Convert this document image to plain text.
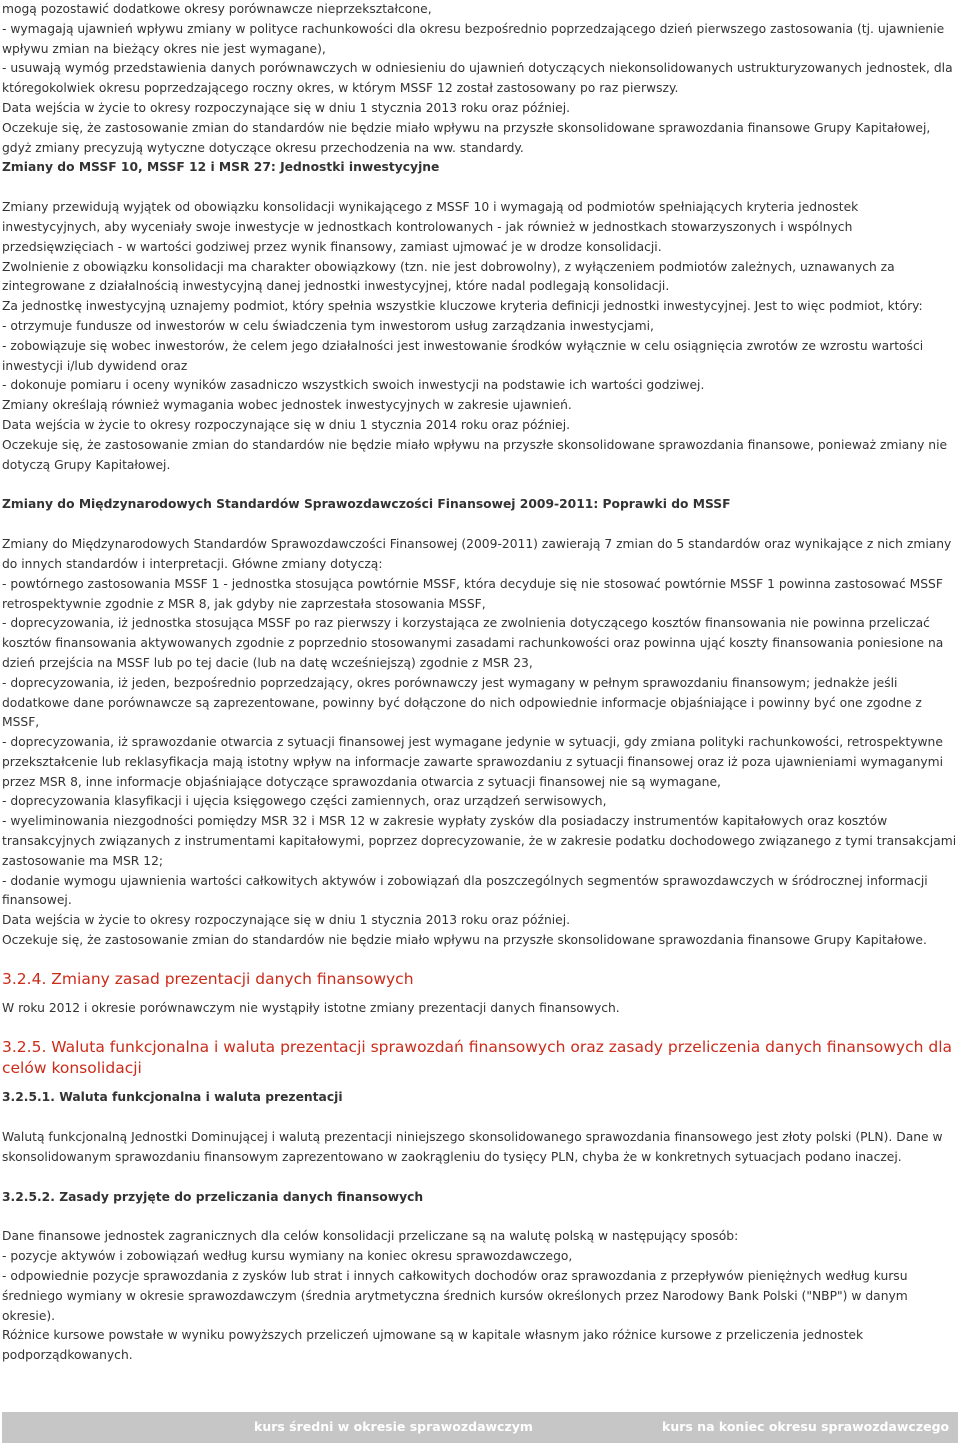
mogą pozostawić dodatkowe okresy porównawcze nieprzekształcone,

- wymagają ujawnień wpływu zmiany w polityce rachunkowości dla okresu bezpośrednio poprzedzającego dzień pierwszego zastosowania (tj. ujawnienie wpływu zmian na bieżący okres nie jest wymagane),

- usuwają wymóg przedstawienia danych porównawczych w odniesieniu do ujawnień dotyczących niekonsolidowanych ustrukturyzowanych jednostek, dla któregokolwiek okresu poprzedzającego roczny okres, w którym MSSF 12 został zastosowany po raz pierwszy.

Data wejścia w życie to okresy rozpoczynające się w dniu 1 stycznia 2013 roku oraz później.

Oczekuje się, że zastosowanie zmian do standardów nie będzie miało wpływu na przyszłe skonsolidowane sprawozdania finansowe Grupy Kapitałowej, gdyż zmiany precyzują wytyczne dotyczące okresu przechodzenia na ww. standardy.

Zmiany do MSSF 10, MSSF 12 i MSR 27: Jednostki inwestycyjne

Zmiany przewidują wyjątek od obowiązku konsolidacji wynikającego z MSSF 10 i wymagają od podmiotów spełniających kryteria jednostek inwestycyjnych, aby wyceniały swoje inwestycje w jednostkach kontrolowanych - jak również w jednostkach stowarzyszonych i wspólnych przedsięwzięciach - w wartości godziwej przez wynik finansowy, zamiast ujmować je w drodze konsolidacji.

Zwolnienie z obowiązku konsolidacji ma charakter obowiązkowy (tzn. nie jest dobrowolny), z wyłączeniem podmiotów zależnych, uznawanych za zintegrowane z działalnością inwestycyjną danej jednostki inwestycyjnej, które nadal podlegają konsolidacji.

Za jednostkę inwestycyjną uznajemy podmiot, który spełnia wszystkie kluczowe kryteria definicji jednostki inwestycyjnej. Jest to więc podmiot, który:

- otrzymuje fundusze od inwestorów w celu świadczenia tym inwestorom usług zarządzania inwestycjami,

- zobowiązuje się wobec inwestorów, że celem jego działalności jest inwestowanie środków wyłącznie w celu osiągnięcia zwrotów ze wzrostu wartości inwestycji i/lub dywidend oraz

- dokonuje pomiaru i oceny wyników zasadniczo wszystkich swoich inwestycji na podstawie ich wartości godziwej.

Zmiany określają również wymagania wobec jednostek inwestycyjnych w zakresie ujawnień.

Data wejścia w życie to okresy rozpoczynające się w dniu 1 stycznia 2014 roku oraz później.

Oczekuje się, że zastosowanie zmian do standardów nie będzie miało wpływu na przyszłe skonsolidowane sprawozdania finansowe, ponieważ zmiany nie dotyczą Grupy Kapitałowej.

Zmiany do Międzynarodowych Standardów Sprawozdawczości Finansowej 2009-2011: Poprawki do MSSF

Zmiany do Międzynarodowych Standardów Sprawozdawczości Finansowej (2009-2011) zawierają 7 zmian do 5 standardów oraz wynikające z nich zmiany do innych standardów i interpretacji. Główne zmiany dotyczą:

- powtórnego zastosowania MSSF 1 - jednostka stosująca powtórnie MSSF, która decyduje się nie stosować powtórnie MSSF 1 powinna zastosować MSSF retrospektywnie zgodnie z MSR 8, jak gdyby nie zaprzestała stosowania MSSF,

- doprecyzowania, iż jednostka stosująca MSSF po raz pierwszy i korzystająca ze zwolnienia dotyczącego kosztów finansowania nie powinna przeliczać kosztów finansowania aktywowanych zgodnie z poprzednio stosowanymi zasadami rachunkowości oraz powinna ująć koszty finansowania poniesione na dzień przejścia na MSSF lub po tej dacie (lub na datę wcześniejszą) zgodnie z MSR 23,

- doprecyzowania, iż jeden, bezpośrednio poprzedzający, okres porównawczy jest wymagany w pełnym sprawozdaniu finansowym; jednakże jeśli dodatkowe dane porównawcze są zaprezentowane, powinny być dołączone do nich odpowiednie informacje objaśniające i powinny być one zgodne z MSSF,

- doprecyzowania, iż sprawozdanie otwarcia z sytuacji finansowej jest wymagane jedynie w sytuacji, gdy zmiana polityki rachunkowości, retrospektywne przekształcenie lub reklasyfikacja mają istotny wpływ na informacje zawarte sprawozdaniu z sytuacji finansowej oraz iż poza ujawnieniami wymaganymi przez MSR 8, inne informacje objaśniające dotyczące sprawozdania otwarcia z sytuacji finansowej nie są wymagane,

- doprecyzowania klasyfikacji i ujęcia księgowego części zamiennych, oraz urządzeń serwisowych,

- wyeliminowania niezgodności pomiędzy MSR 32 i MSR 12 w zakresie wypłaty zysków dla posiadaczy instrumentów kapitałowych oraz kosztów transakcyjnych związanych z instrumentami kapitałowymi, poprzez doprecyzowanie, że w zakresie podatku dochodowego związanego z tymi transakcjami zastosowanie ma MSR 12;

- dodanie wymogu ujawnienia wartości całkowitych aktywów i zobowiązań dla poszczególnych segmentów sprawozdawczych w śródrocznej informacji finansowej.

Data wejścia w życie to okresy rozpoczynające się w dniu 1 stycznia 2013 roku oraz później.

Oczekuje się, że zastosowanie zmian do standardów nie będzie miało wpływu na przyszłe skonsolidowane sprawozdania finansowe Grupy Kapitałowe.

3.2.4. Zmiany zasad prezentacji danych finansowych

W roku 2012 i okresie porównawczym nie wystąpiły istotne zmiany prezentacji danych finansowych.

3.2.5. Waluta funkcjonalna i waluta prezentacji sprawozdań finansowych oraz zasady przeliczenia danych finansowych dla celów konsolidacji

3.2.5.1. Waluta funkcjonalna i waluta prezentacji

Walutą funkcjonalną Jednostki Dominującej i walutą prezentacji niniejszego skonsolidowanego sprawozdania finansowego jest złoty polski (PLN). Dane w skonsolidowanym sprawozdaniu finansowym zaprezentowano w zaokrągleniu do tysięcy PLN, chyba że w konkretnych sytuacjach podano inaczej.

3.2.5.2. Zasady przyjęte do przeliczania danych finansowych

Dane finansowe jednostek zagranicznych dla celów konsolidacji przeliczane są na walutę polską w następujący sposób:

- pozycje aktywów i zobowiązań według kursu wymiany na koniec okresu sprawozdawczego,

- odpowiednie pozycje sprawozdania z zysków lub strat i innych całkowitych dochodów oraz sprawozdania z przepływów pieniężnych według kursu średniego wymiany w okresie sprawozdawczym (średnia arytmetyczna średnich kursów określonych przez Narodowy Bank Polski ("NBP") w danym okresie).

Różnice kursowe powstałe w wyniku powyższych przeliczeń ujmowane są w kapitale własnym jako różnice kursowe z przeliczenia jednostek podporządkowanych.

kurs średni w okresie sprawozdawczym	kurs na koniec okresu sprawozdawczego
